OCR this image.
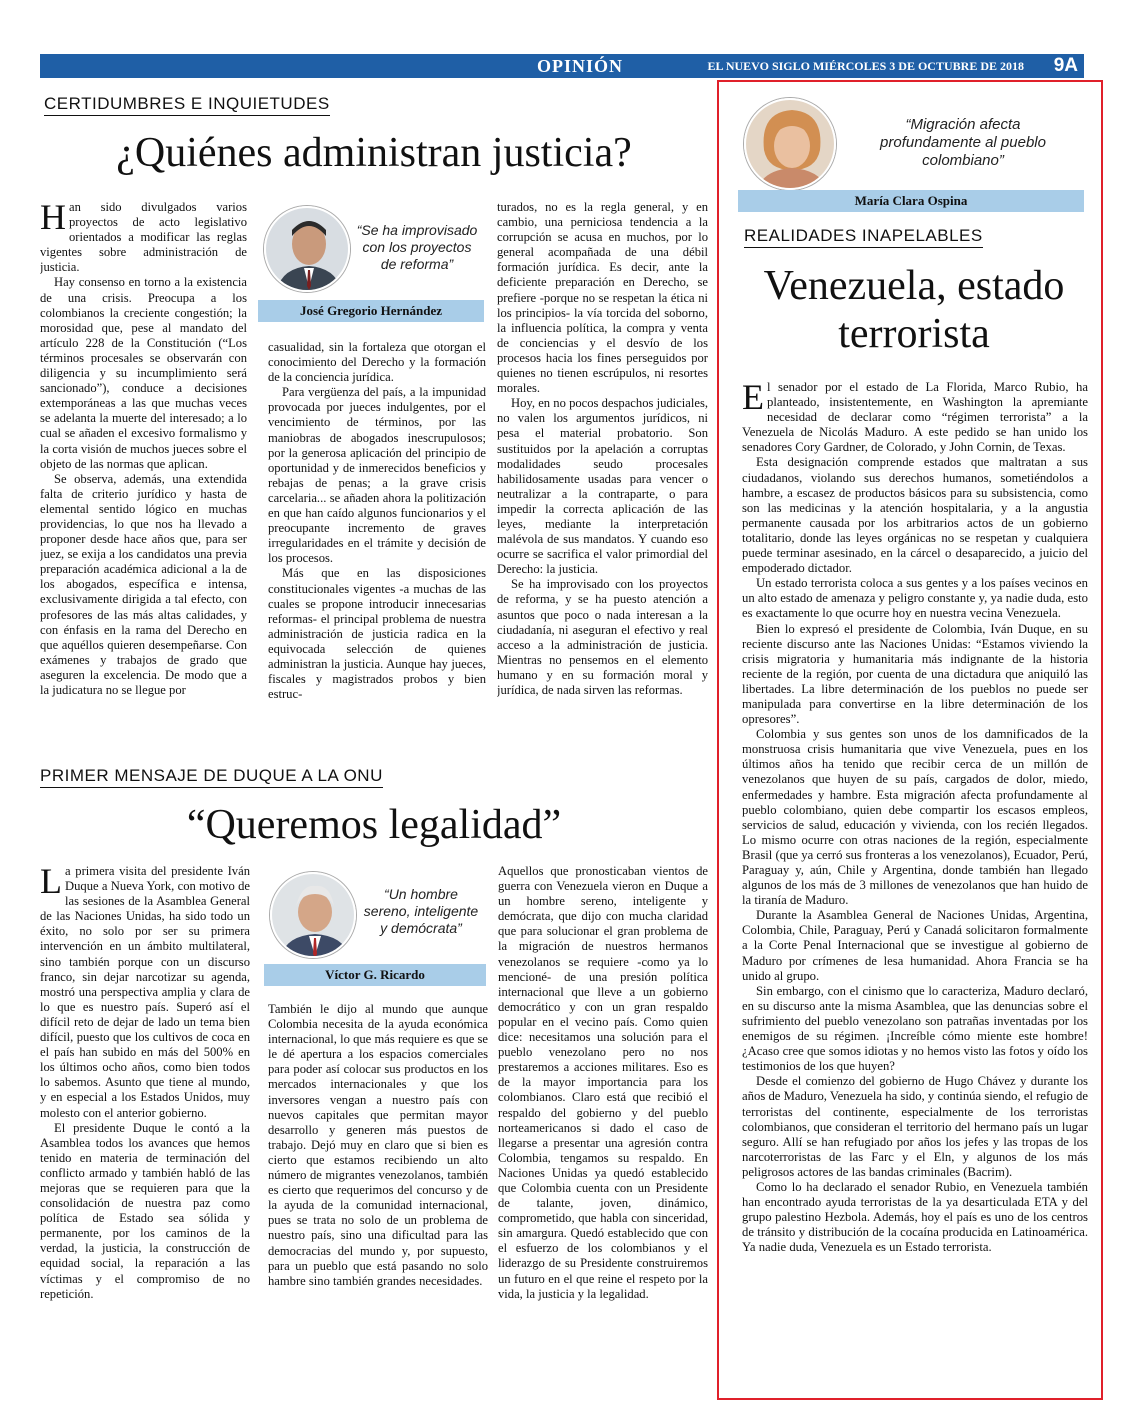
OPINIÓN	EL NUEVO SIGLO MIÉRCOLES 3 DE OCTUBRE DE 2018 9A
CERTIDUMBRES E INQUIETUDES
¿Quiénes administran justicia?
H an sido divulgados varios proyectos de acto legislativo orientados a modificar las reglas vigentes sobre administración de justicia.

Hay consenso en torno a la existencia de una crisis. Preocupa a los colombianos la creciente congestión; la morosidad que, pese al mandato del artículo 228 de la Constitución (“Los términos procesales se observarán con diligencia y su incumplimiento será sancionado”), conduce a decisiones extemporáneas a las que muchas veces se adelanta la muerte del interesado; a lo cual se añaden el excesivo formalismo y la corta visión de muchos jueces sobre el objeto de las normas que aplican.

Se observa, además, una extendida falta de criterio jurídico y hasta de elemental sentido lógico en muchas providencias, lo que nos ha llevado a proponer desde hace años que, para ser juez, se exija a los candidatos una previa preparación académica adicional a la de los abogados, específica e intensa, exclusivamente dirigida a tal efecto, con profesores de las más altas calidades, y con énfasis en la rama del Derecho en que aquéllos quieren desempeñarse. Con exámenes y trabajos de grado que aseguren la excelencia. De modo que a la judicatura no se llegue por

“Se ha improvisado con los proyectos de reforma”
José Gregorio Hernández

casualidad, sin la fortaleza que otorgan el conocimiento del Derecho y la formación de la conciencia jurídica.

Para vergüenza del país, a la impunidad provocada por jueces indulgentes, por el vencimiento de términos, por las maniobras de abogados inescrupulosos; por la generosa aplicación del principio de oportunidad y de inmerecidos beneficios y rebajas de penas; a la grave crisis carcelaria... se añaden ahora la politización en que han caído algunos funcionarios y el preocupante incremento de graves irregularidades en el trámite y decisión de los procesos.

Más que en las disposiciones constitucionales vigentes -a muchas de las cuales se propone introducir innecesarias reformas- el principal problema de nuestra administración de justicia radica en la equivocada selección de quienes administran la justicia. Aunque hay jueces, fiscales y magistrados probos y bien estruc-

turados, no es la regla general, y en cambio, una perniciosa tendencia a la corrupción se acusa en muchos, por lo general acompañada de una débil formación jurídica. Es decir, ante la deficiente preparación en Derecho, se prefiere -porque no se respetan la ética ni los principios- la vía torcida del soborno, la influencia política, la compra y venta de conciencias y el desvío de los procesos hacia los fines perseguidos por quienes no tienen escrúpulos, ni resortes morales.

Hoy, en no pocos despachos judiciales, no valen los argumentos jurídicos, ni pesa el material probatorio. Son sustituidos por la apelación a corruptas modalidades seudo procesales habilidosamente usadas para vencer o neutralizar a la contraparte, o para impedir la correcta aplicación de las leyes, mediante la interpretación malévola de sus mandatos. Y cuando eso ocurre se sacrifica el valor primordial del Derecho: la justicia.

Se ha improvisado con los proyectos de reforma, y se ha puesto atención a asuntos que poco o nada interesan a la ciudadanía, ni aseguran el efectivo y real acceso a la administración de justicia. Mientras no pensemos en el elemento humano y en su formación moral y jurídica, de nada sirven las reformas.

PRIMER MENSAJE DE DUQUE A LA ONU
“Queremos legalidad”
L a primera visita del presidente Iván Duque a Nueva York, con motivo de las sesiones de la Asamblea General de las Naciones Unidas, ha sido todo un éxito, no solo por ser su primera intervención en un ámbito multilateral, sino también porque con un discurso franco, sin dejar narcotizar su agenda, mostró una perspectiva amplia y clara de lo que es nuestro país. Superó así el difícil reto de dejar de lado un tema bien difícil, puesto que los cultivos de coca en el país han subido en más del 500% en los últimos ocho años, como bien todos lo sabemos. Asunto que tiene al mundo, y en especial a los Estados Unidos, muy molesto con el anterior gobierno.

El presidente Duque le contó a la Asamblea todos los avances que hemos tenido en materia de terminación del conflicto armado y también habló de las mejoras que se requieren para que la consolidación de nuestra paz como política de Estado sea sólida y permanente, por los caminos de la verdad, la justicia, la construcción de equidad social, la reparación a las víctimas y el compromiso de no repetición.

“Un hombre sereno, inteligente y demócrata”
Víctor G. Ricardo

También le dijo al mundo que aunque Colombia necesita de la ayuda económica internacional, lo que más requiere es que se le dé apertura a los espacios comerciales para poder así colocar sus productos en los mercados internacionales y que los inversores vengan a nuestro país con nuevos capitales que permitan mayor desarrollo y generen más puestos de trabajo. Dejó muy en claro que si bien es cierto que estamos recibiendo un alto número de migrantes venezolanos, también es cierto que requerimos del concurso y de la ayuda de la comunidad internacional, pues se trata no solo de un problema de nuestro país, sino una dificultad para las democracias del mundo y, por supuesto, para un pueblo que está pasando no solo hambre sino también grandes necesidades.

Aquellos que pronosticaban vientos de guerra con Venezuela vieron en Duque a un hombre sereno, inteligente y demócrata, que dijo con mucha claridad que para solucionar el gran problema de la migración de nuestros hermanos venezolanos se requiere -como ya lo mencioné- de una presión política internacional que lleve a un gobierno democrático y con un gran respaldo popular en el vecino país. Como quien dice: necesitamos una solución para el pueblo venezolano pero no nos prestaremos a acciones militares. Eso es de la mayor importancia para los colombianos. Claro está que recibió el respaldo del gobierno y del pueblo norteamericanos si dado el caso de llegarse a presentar una agresión contra Colombia, tengamos su respaldo. En Naciones Unidas ya quedó establecido que Colombia cuenta con un Presidente de talante, joven, dinámico, comprometido, que habla con sinceridad, sin amargura. Quedó establecido que con el esfuerzo de los colombianos y el liderazgo de su Presidente construiremos un futuro en el que reine el respeto por la vida, la justicia y la legalidad.

“Migración afecta profundamente al pueblo colombiano”
María Clara Ospina
REALIDADES INAPELABLES
Venezuela, estado terrorista
E l senador por el estado de La Florida, Marco Rubio, ha planteado, insistentemente, en Washington la apremiante necesidad de declarar como “régimen terrorista” a la Venezuela de Nicolás Maduro. A este pedido se han unido los senadores Cory Gardner, de Colorado, y John Cornin, de Texas.

Esta designación comprende estados que maltratan a sus ciudadanos, violando sus derechos humanos, sometiéndolos a hambre, a escasez de productos básicos para su subsistencia, como son las medicinas y la atención hospitalaria, y a la angustia permanente causada por los arbitrarios actos de un gobierno totalitario, donde las leyes orgánicas no se respetan y cualquiera puede terminar asesinado, en la cárcel o desaparecido, a juicio del empoderado dictador.

Un estado terrorista coloca a sus gentes y a los países vecinos en un alto estado de amenaza y peligro constante y, ya nadie duda, esto es exactamente lo que ocurre hoy en nuestra vecina Venezuela.

Bien lo expresó el presidente de Colombia, Iván Duque, en su reciente discurso ante las Naciones Unidas: “Estamos viviendo la crisis migratoria y humanitaria más indignante de la historia reciente de la región, por cuenta de una dictadura que aniquiló las libertades. La libre determinación de los pueblos no puede ser manipulada para convertirse en la libre determinación de los opresores”.

Colombia y sus gentes son unos de los damnificados de la monstruosa crisis humanitaria que vive Venezuela, pues en los últimos años ha tenido que recibir cerca de un millón de venezolanos que huyen de su país, cargados de dolor, miedo, enfermedades y hambre. Esta migración afecta profundamente al pueblo colombiano, quien debe compartir los escasos empleos, servicios de salud, educación y vivienda, con los recién llegados. Lo mismo ocurre con otras naciones de la región, especialmente Brasil (que ya cerró sus fronteras a los venezolanos), Ecuador, Perú, Paraguay y, aún, Chile y Argentina, donde también han llegado algunos de los más de 3 millones de venezolanos que han huido de la tiranía de Maduro.

Durante la Asamblea General de Naciones Unidas, Argentina, Colombia, Chile, Paraguay, Perú y Canadá solicitaron formalmente a la Corte Penal Internacional que se investigue al gobierno de Maduro por crímenes de lesa humanidad. Ahora Francia se ha unido al grupo.

Sin embargo, con el cinismo que lo caracteriza, Maduro declaró, en su discurso ante la misma Asamblea, que las denuncias sobre el sufrimiento del pueblo venezolano son patrañas inventadas por los enemigos de su régimen. ¡Increíble cómo miente este hombre! ¿Acaso cree que somos idiotas y no hemos visto las fotos y oído los testimonios de los que huyen?

Desde el comienzo del gobierno de Hugo Chávez y durante los años de Maduro, Venezuela ha sido, y continúa siendo, el refugio de terroristas del continente, especialmente de los terroristas colombianos, que consideran el territorio del hermano país un lugar seguro. Allí se han refugiado por años los jefes y las tropas de los narcoterroristas de las Farc y el Eln, y algunos de los más peligrosos actores de las bandas criminales (Bacrim).

Como lo ha declarado el senador Rubio, en Venezuela también han encontrado ayuda terroristas de la ya desarticulada ETA y del grupo palestino Hezbola. Además, hoy el país es uno de los centros de tránsito y distribución de la cocaína producida en Latinoamérica. Ya nadie duda, Venezuela es un Estado terrorista.
